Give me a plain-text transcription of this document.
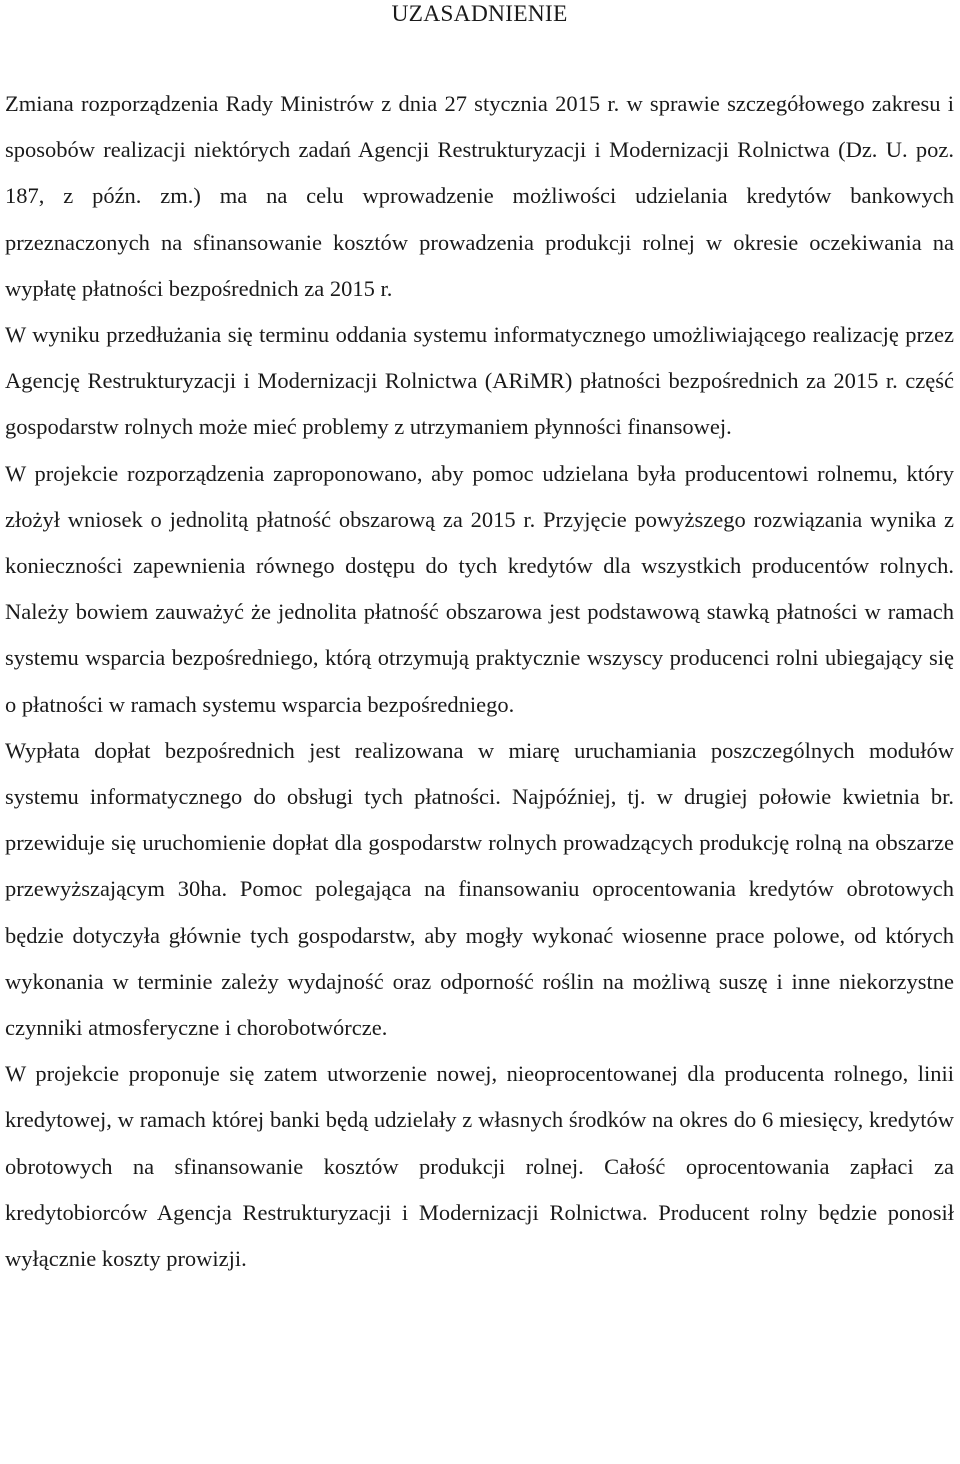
UZASADNIENIE

Zmiana rozporządzenia Rady Ministrów z dnia 27 stycznia 2015 r. w sprawie szczegółowego zakresu i sposobów realizacji niektórych zadań Agencji Restrukturyzacji i Modernizacji Rolnictwa (Dz. U. poz. 187, z późn. zm.) ma na celu wprowadzenie możliwości udzielania kredytów bankowych przeznaczonych na sfinansowanie kosztów prowadzenia produkcji rolnej w okresie oczekiwania na wypłatę płatności bezpośrednich za 2015 r.

W wyniku przedłużania się terminu oddania systemu informatycznego umożliwiającego realizację przez Agencję Restrukturyzacji i Modernizacji Rolnictwa (ARiMR) płatności bezpośrednich za 2015 r. część gospodarstw rolnych może mieć problemy z utrzymaniem płynności finansowej.

W projekcie rozporządzenia zaproponowano, aby pomoc udzielana była producentowi rolnemu, który złożył wniosek o jednolitą płatność obszarową za 2015 r. Przyjęcie powyższego rozwiązania wynika z konieczności zapewnienia równego dostępu do tych kredytów dla wszystkich producentów rolnych. Należy bowiem zauważyć że jednolita płatność obszarowa jest podstawową stawką płatności w ramach systemu wsparcia bezpośredniego, którą otrzymują praktycznie wszyscy producenci rolni ubiegający się o płatności w ramach systemu wsparcia bezpośredniego.

Wypłata dopłat bezpośrednich jest realizowana w miarę uruchamiania poszczególnych modułów systemu informatycznego do obsługi tych płatności. Najpóźniej, tj. w drugiej połowie kwietnia br. przewiduje się uruchomienie dopłat dla gospodarstw rolnych prowadzących produkcję rolną na obszarze przewyższającym 30ha. Pomoc polegająca na finansowaniu oprocentowania kredytów obrotowych będzie dotyczyła głównie tych gospodarstw, aby mogły wykonać wiosenne prace polowe, od których wykonania w terminie zależy wydajność oraz odporność roślin na możliwą suszę i inne niekorzystne czynniki atmosferyczne i chorobotwórcze.

W projekcie proponuje się zatem utworzenie nowej, nieoprocentowanej dla producenta rolnego, linii kredytowej, w ramach której banki będą udzielały z własnych środków na okres do 6 miesięcy, kredytów obrotowych na sfinansowanie kosztów produkcji rolnej. Całość oprocentowania zapłaci za kredytobiorców Agencja Restrukturyzacji i Modernizacji Rolnictwa. Producent rolny będzie ponosił wyłącznie koszty prowizji.
